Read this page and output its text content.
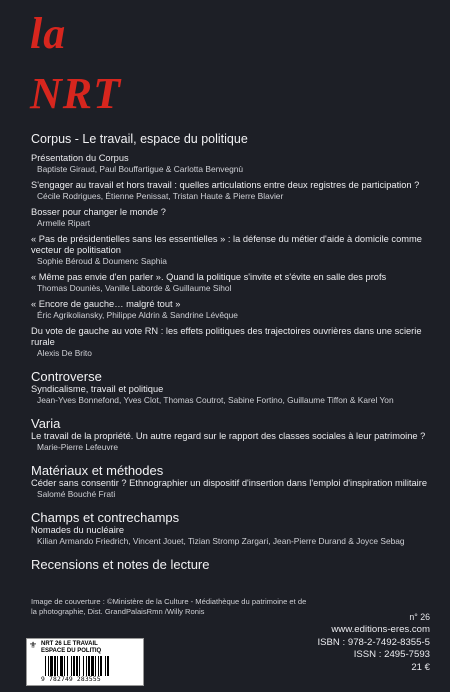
la
NRT
Corpus - Le travail, espace du politique
Présentation du Corpus
Baptiste Giraud, Paul Bouffartigue & Carlotta Benvegnù
S'engager au travail et hors travail : quelles articulations entre deux registres de participation ?
Cécile Rodrigues, Étienne Penissat, Tristan Haute & Pierre Blavier
Bosser pour changer le monde ?
Armelle Ripart
« Pas de présidentielles sans les essentielles » : la défense du métier d'aide à domicile comme vecteur de politisation
Sophie Béroud & Doumenc Saphia
« Même pas envie d'en parler ». Quand la politique s'invite et s'évite en salle des profs
Thomas Douniès, Vanille Laborde & Guillaume Sihol
« Encore de gauche… malgré tout »
Éric Agrikoliansky, Philippe Aldrin & Sandrine Lévêque
Du vote de gauche au vote RN : les effets politiques des trajectoires ouvrières dans une scierie rurale
Alexis De Brito
Controverse
Syndicalisme, travail et politique
Jean-Yves Bonnefond, Yves Clot, Thomas Coutrot, Sabine Fortino, Guillaume Tiffon & Karel Yon
Varia
Le travail de la propriété. Un autre regard sur le rapport des classes sociales à leur patrimoine ?
Marie-Pierre Lefeuvre
Matériaux et méthodes
Céder sans consentir ? Ethnographier un dispositif d'insertion dans l'emploi d'inspiration militaire
Salomé Bouché Frati
Champs et contrechamps
Nomades du nucléaire
Kilian Armando Friedrich, Vincent Jouet, Tizian Stromp Zargari, Jean-Pierre Durand & Joyce Sebag
Recensions et notes de lecture
Image de couverture : ©Ministère de la Culture - Médiathèque du patrimoine et de la photographie, Dist. GrandPalaisRmn /Willy Ronis
n° 26
www.editions-eres.com
ISBN : 978-2-7492-8355-5
ISSN : 2495-7593
21 €
⚜ NRT 26 LE TRAVAIL
ESPACE DU POLITIQ
9 782749 283555
